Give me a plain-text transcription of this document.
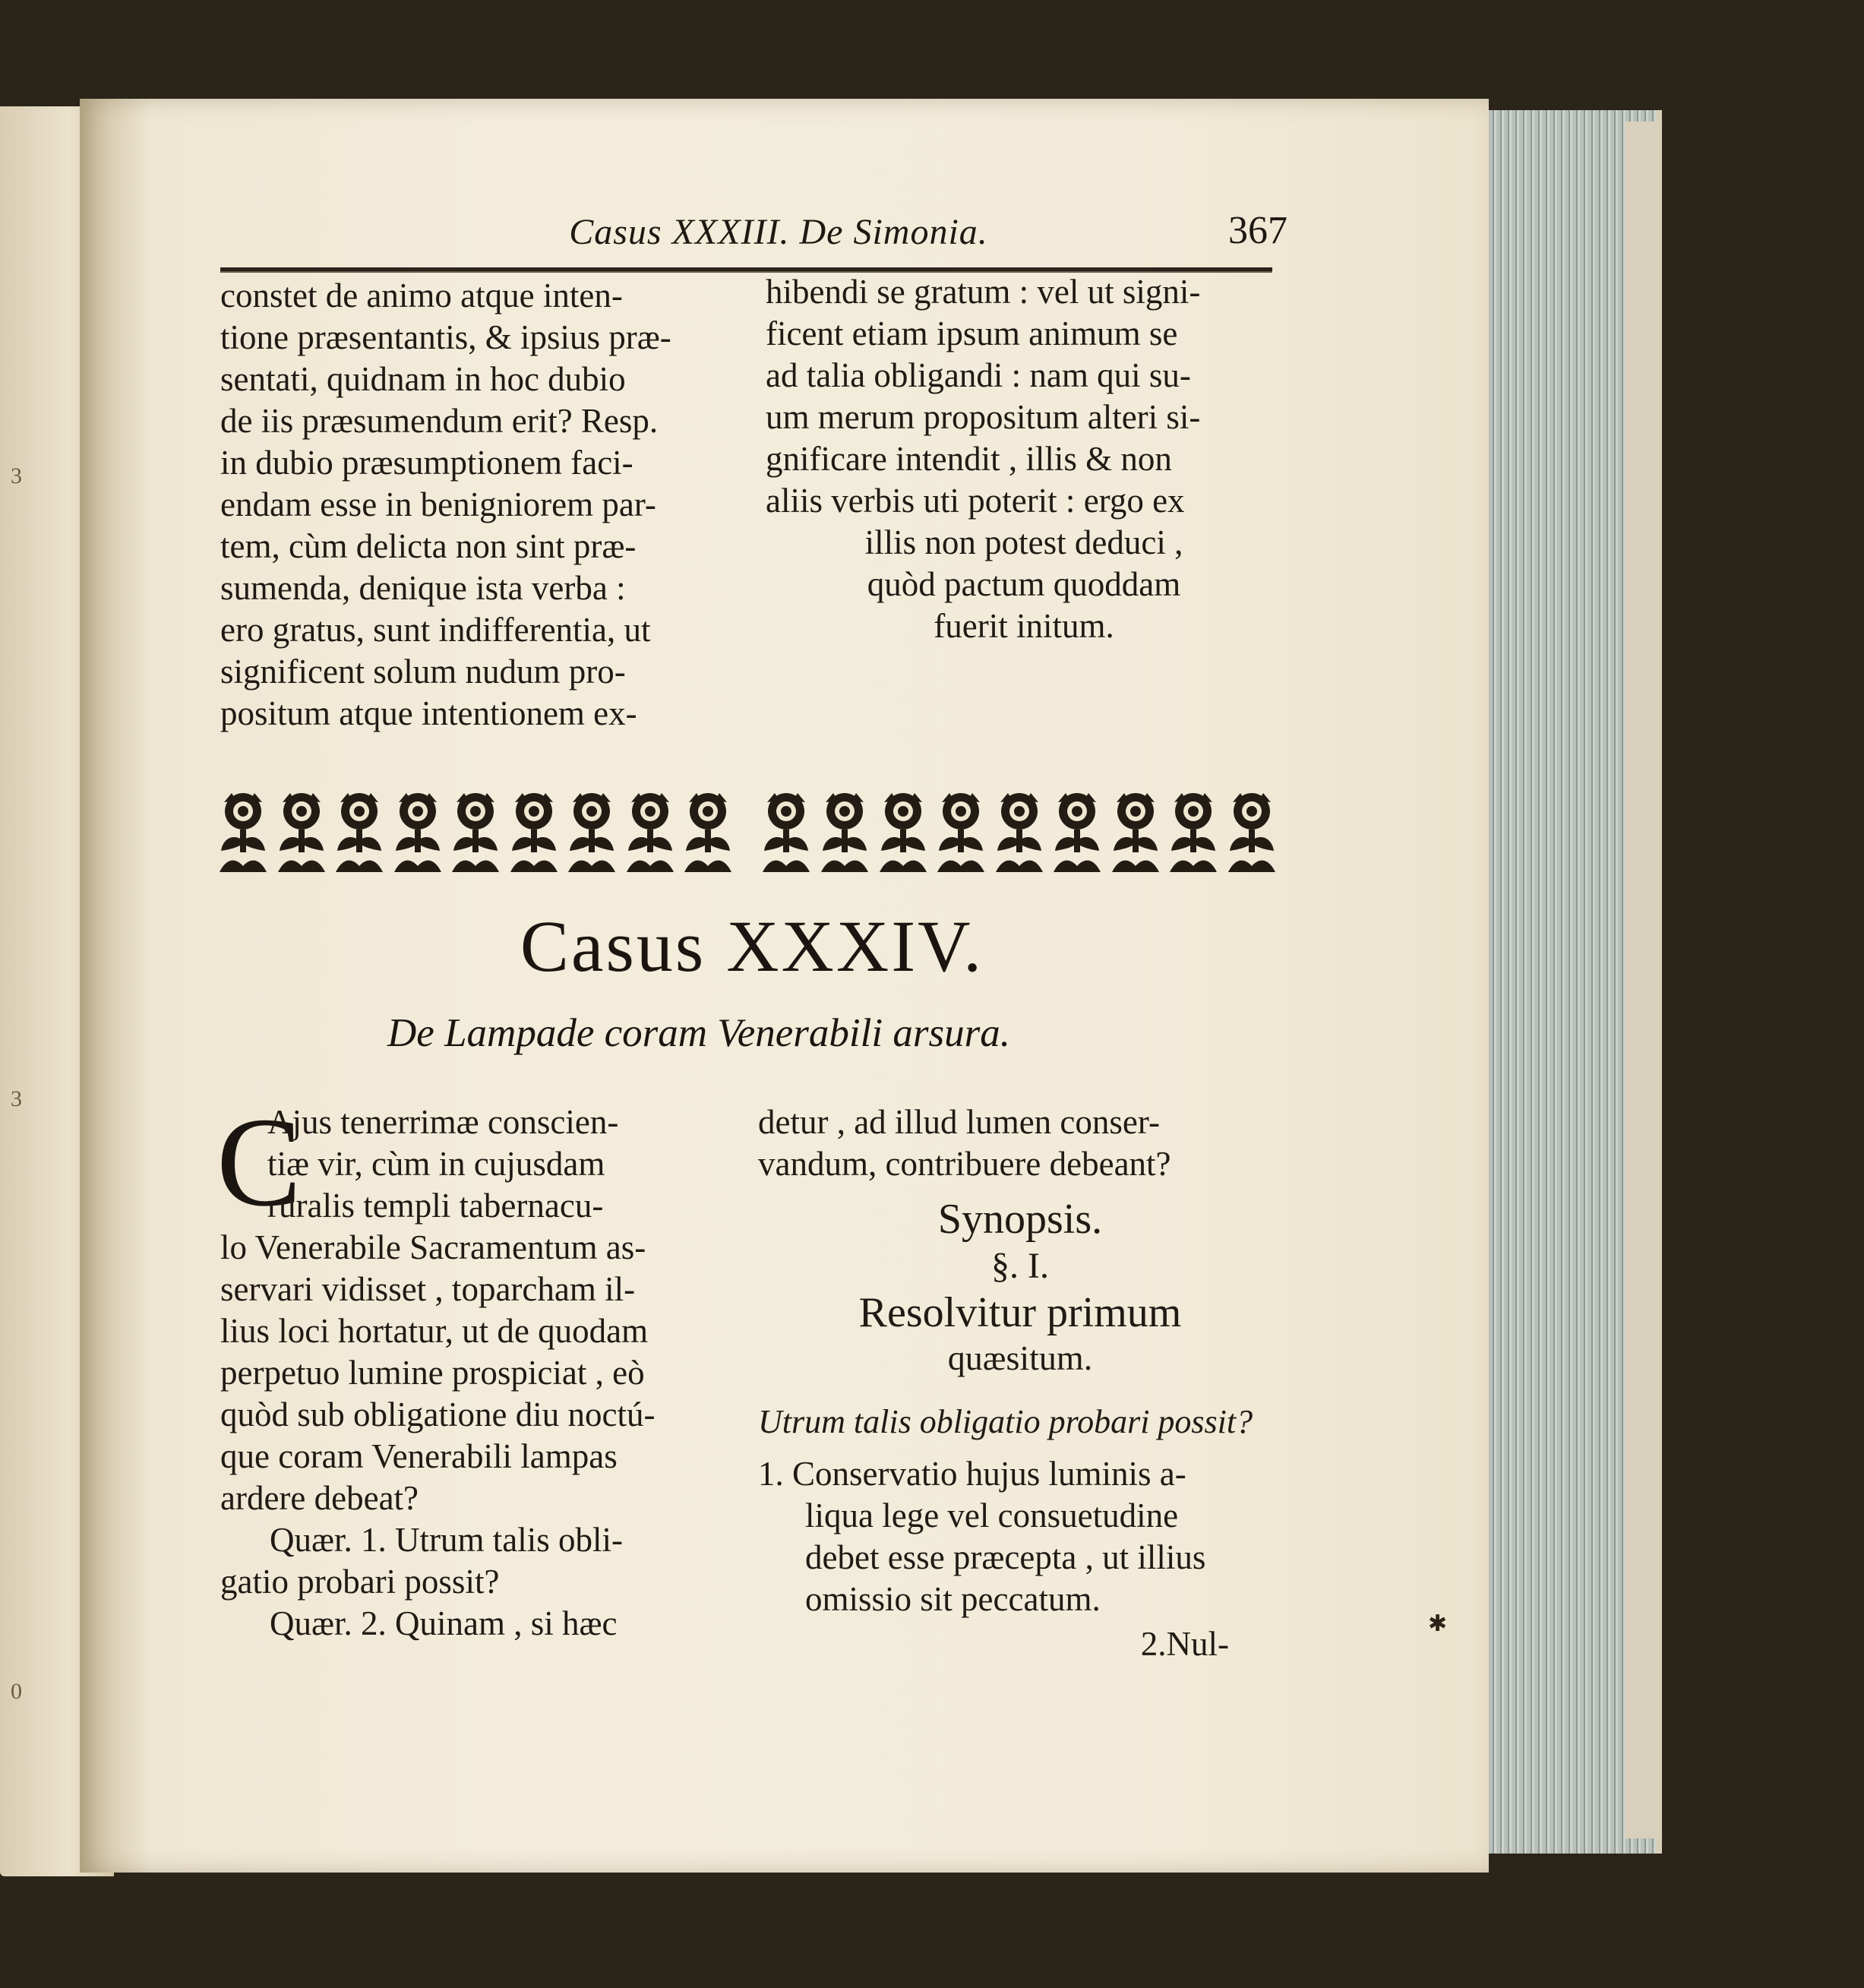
3
3
0
Casus XXXIII. De Simonia.	367

constet de animo atque inten-

tione præsentantis, & ipsius præ-

sentati, quidnam in hoc dubio

de iis præsumendum erit? Resp.

in dubio præsumptionem faci-

endam esse in benigniorem par-

tem, cùm delicta non sint præ-

sumenda, denique ista verba :

ero gratus, sunt indifferentia, ut

significent solum nudum pro-

positum atque intentionem ex-

hibendi se gratum : vel ut signi-

ficent etiam ipsum animum se

ad talia obligandi : nam qui su-

um merum propositum alteri si-

gnificare intendit , illis & non

aliis verbis uti poterit : ergo ex

illis non potest deduci ,

quòd pactum quoddam

fuerit initum.

Casus XXXIV.
De Lampade coram Venerabili arsura.
C

Ajus tenerrimæ conscien-

tiæ vir, cùm in cujusdam

ruralis templi tabernacu-

lo Venerabile Sacramentum as-

servari vidisset , toparcham il-

lius loci hortatur, ut de quodam

perpetuo lumine prospiciat , eò

quòd sub obligatione diu noctú-

que coram Venerabili lampas

ardere debeat?

Quær. 1. Utrum talis obli-

gatio probari possit?

Quær. 2. Quinam , si hæc

detur , ad illud lumen conser-

vandum, contribuere debeant?

Synopsis.

§. I.

Resolvitur primum

quæsitum.

Utrum talis obligatio probari possit?

1. Conservatio hujus luminis a-

liqua lege vel consuetudine

debet esse præcepta , ut illius

omissio sit peccatum.

2.Nul-

✱
